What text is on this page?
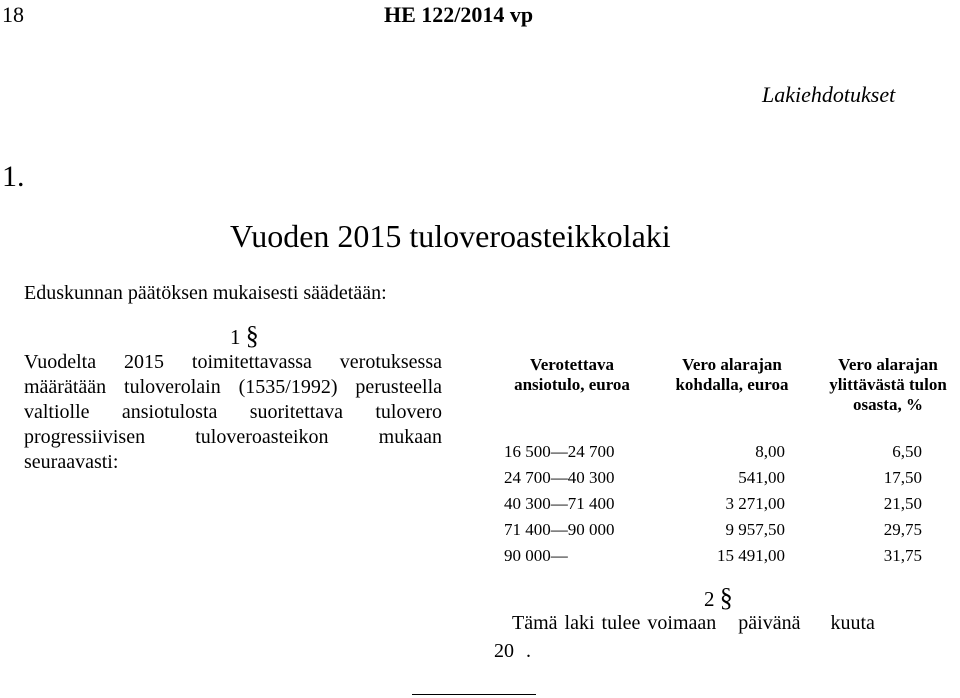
18	HE 122/2014 vp
Lakiehdotukset
1.
Vuoden 2015 tuloveroasteikkolaki
Eduskunnan päätöksen mukaisesti säädetään:
1 §
Vuodelta 2015 toimitettavassa verotuksessa määrätään tuloverolain (1535/1992) perusteella valtiolle ansiotulosta suoritettava tulovero progressiivisen tuloveroasteikon mukaan seuraavasti:
Verotettava ansiotulo, euroa
Vero alarajan kohdalla, euroa
Vero alarajan ylittävästä tulon osasta, %
16 500—24 700	8,00	6,50
24 700—40 300	541,00	17,50
40 300—71 400	3 271,00	21,50
71 400—90 000	9 957,50	29,75
90 000—	15 491,00	31,75
2 §
Tämä laki tulee voimaan päivänä kuuta
20 .
